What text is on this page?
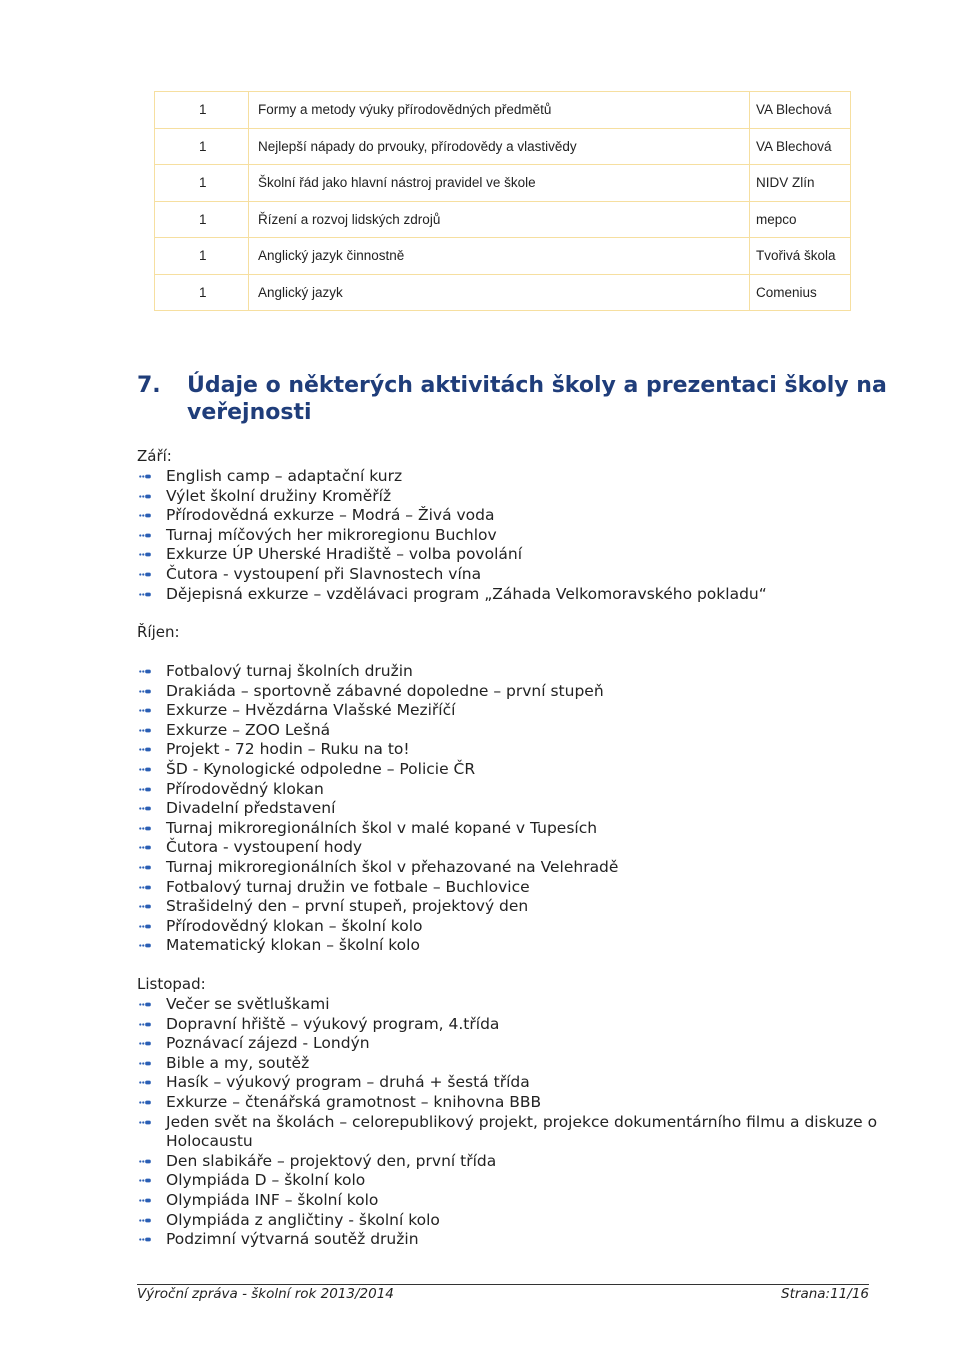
1	Formy a metody výuky přírodovědných předmětů	VA Blechová
1	Nejlepší nápady do prvouky, přírodovědy a vlastivědy	VA Blechová
1	Školní řád jako hlavní nástroj pravidel ve škole	NIDV Zlín
1	Řízení a rozvoj lidských zdrojů	mepco
1	Anglický jazyk činnostně	Tvořivá škola
1	Anglický jazyk	Comenius
7. Údaje o některých aktivitách školy a prezentaci školy na veřejnosti
Září:
English camp – adaptační kurz
Výlet školní družiny Kroměříž
Přírodovědná exkurze – Modrá – Živá voda
Turnaj míčových her mikroregionu Buchlov
Exkurze ÚP Uherské Hradiště – volba povolání
Čutora - vystoupení při Slavnostech vína
Dějepisná exkurze – vzdělávaci program „Záhada Velkomoravského pokladu“
Říjen:
Fotbalový turnaj školních družin
Drakiáda – sportovně zábavné dopoledne – první stupeň
Exkurze – Hvězdárna Vlašské Meziříčí
Exkurze – ZOO Lešná
Projekt - 72 hodin – Ruku na to!
ŠD - Kynologické odpoledne – Policie ČR
Přírodovědný klokan
Divadelní představení
Turnaj mikroregionálních škol v malé kopané v Tupesích
Čutora - vystoupení hody
Turnaj mikroregionálních škol v přehazované na Velehradě
Fotbalový turnaj družin ve fotbale – Buchlovice
Strašidelný den – první stupeň, projektový den
Přírodovědný klokan – školní kolo
Matematický klokan – školní kolo
Listopad:
Večer se světluškami
Dopravní hřiště – výukový program, 4.třída
Poznávací zájezd - Londýn
Bible a my, soutěž
Hasík – výukový program – druhá + šestá třída
Exkurze – čtenářská gramotnost – knihovna BBB
Jeden svět na školách – celorepublikový projekt, projekce dokumentárního filmu a diskuze o Holocaustu
Den slabikáře – projektový den, první třída
Olympiáda D – školní kolo
Olympiáda INF – školní kolo
Olympiáda z angličtiny - školní kolo
Podzimní výtvarná soutěž družin
Výroční zpráva - školní rok 2013/2014	Strana:11/16
